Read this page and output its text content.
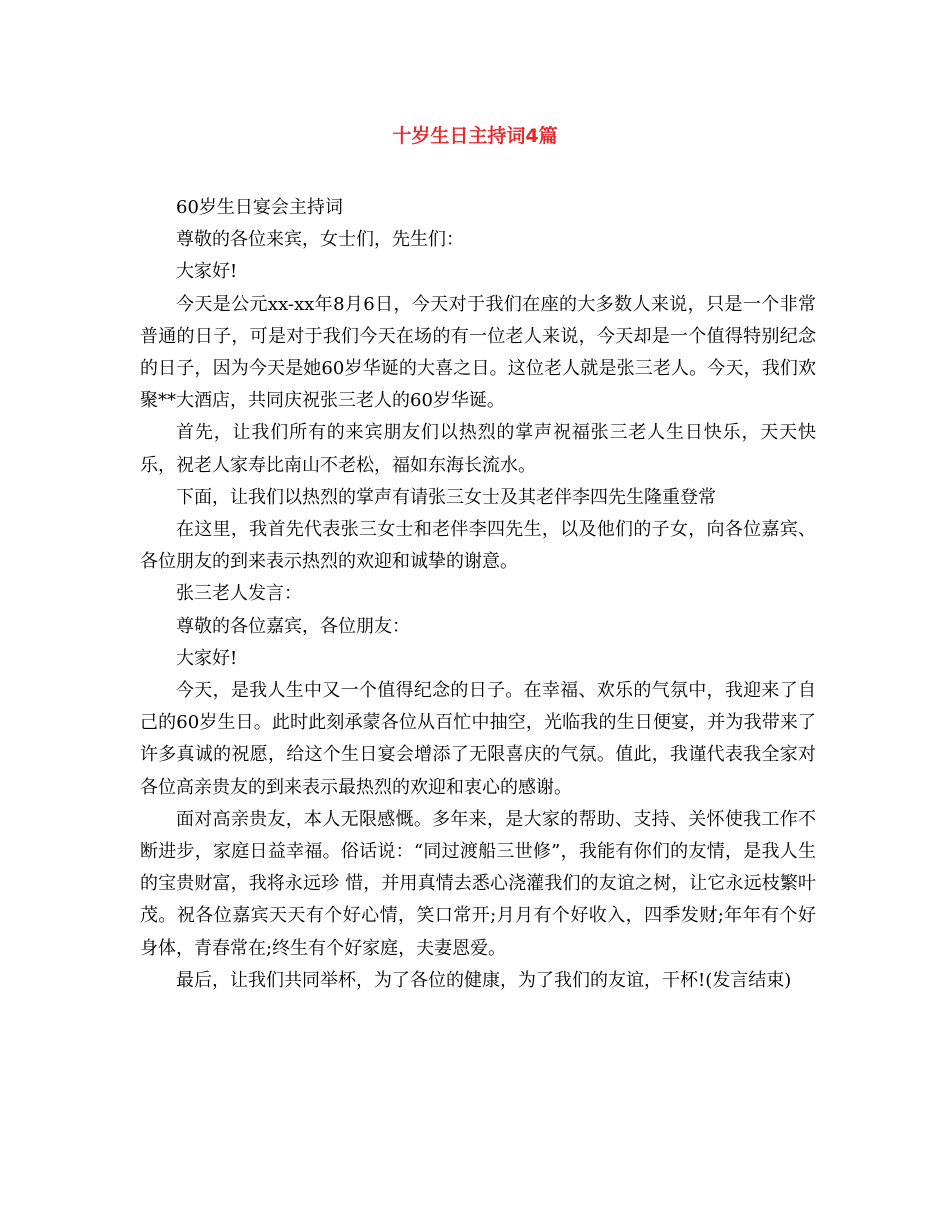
十岁生日主持词4篇

60岁生日宴会主持词

尊敬的各位来宾，女士们，先生们：

大家好!

今天是公元xx-xx年8月6日，今天对于我们在座的大多数人来说，只是一个非常普通的日子，可是对于我们今天在场的有一位老人来说，今天却是一个值得特别纪念的日子，因为今天是她60岁华诞的大喜之日。这位老人就是张三老人。今天，我们欢聚**大酒店，共同庆祝张三老人的60岁华诞。

首先，让我们所有的来宾朋友们以热烈的掌声祝福张三老人生日快乐，天天快乐，祝老人家寿比南山不老松，福如东海长流水。

下面，让我们以热烈的掌声有请张三女士及其老伴李四先生隆重登常

在这里，我首先代表张三女士和老伴李四先生，以及他们的子女，向各位嘉宾、各位朋友的到来表示热烈的欢迎和诚挚的谢意。

张三老人发言：

尊敬的各位嘉宾，各位朋友：

大家好!

今天，是我人生中又一个值得纪念的日子。在幸福、欢乐的气氛中，我迎来了自己的60岁生日。此时此刻承蒙各位从百忙中抽空，光临我的生日便宴，并为我带来了许多真诚的祝愿，给这个生日宴会增添了无限喜庆的气氛。值此，我谨代表我全家对各位高亲贵友的到来表示最热烈的欢迎和衷心的感谢。

面对高亲贵友，本人无限感慨。多年来，是大家的帮助、支持、关怀使我工作不断进步，家庭日益幸福。俗话说：“同过渡船三世修”，我能有你们的友情，是我人生的宝贵财富，我将永远珍 惜，并用真情去悉心浇灌我们的友谊之树，让它永远枝繁叶茂。祝各位嘉宾天天有个好心情，笑口常开;月月有个好收入，四季发财;年年有个好身体，青春常在;终生有个好家庭，夫妻恩爱。

最后，让我们共同举杯，为了各位的健康，为了我们的友谊，干杯!(发言结束)
